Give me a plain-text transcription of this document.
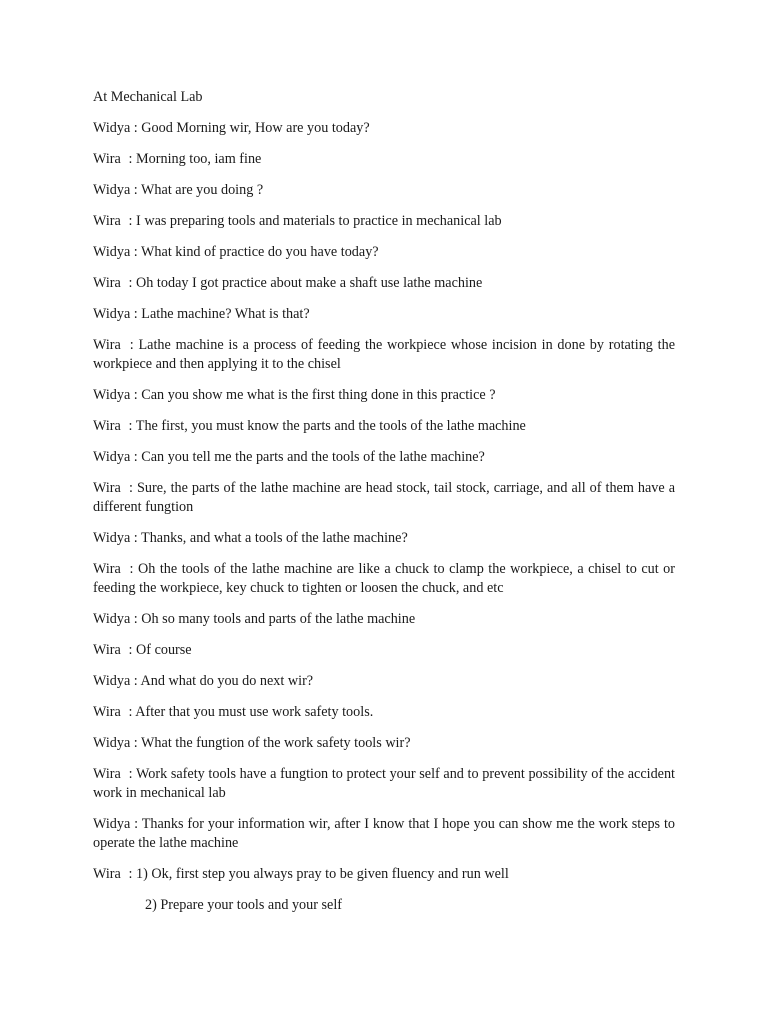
At Mechanical Lab
Widya : Good Morning wir, How are you today?
Wira : Morning too, iam fine
Widya : What are you doing ?
Wira : I was preparing tools and materials to practice in mechanical lab
Widya : What kind of practice do you have today?
Wira : Oh today I got practice about make a shaft use lathe machine
Widya : Lathe machine? What is that?
Wira : Lathe machine is a process of feeding the workpiece whose incision in done by rotating the workpiece and then applying it to the chisel
Widya : Can you show me what is the first thing done in this practice ?
Wira : The first, you must know the parts and the tools of the lathe machine
Widya : Can you tell me the parts and the tools of the lathe machine?
Wira : Sure, the parts of the lathe machine are head stock, tail stock, carriage, and all of them have a different fungtion
Widya : Thanks, and what a tools of the lathe machine?
Wira : Oh the tools of the lathe machine are like a chuck to clamp the workpiece, a chisel to cut or feeding the workpiece, key chuck to tighten or loosen the chuck, and etc
Widya : Oh so many tools and parts of the lathe machine
Wira : Of course
Widya : And what do you do next wir?
Wira : After that you must use work safety tools.
Widya : What the fungtion of the work safety tools wir?
Wira : Work safety tools have a fungtion to protect your self and to prevent possibility of the accident work in mechanical lab
Widya : Thanks for your information wir, after I know that I hope you can show me the work steps to operate the lathe machine
Wira : 1) Ok, first step you always pray to be given fluency and run well
2) Prepare your tools and your self
